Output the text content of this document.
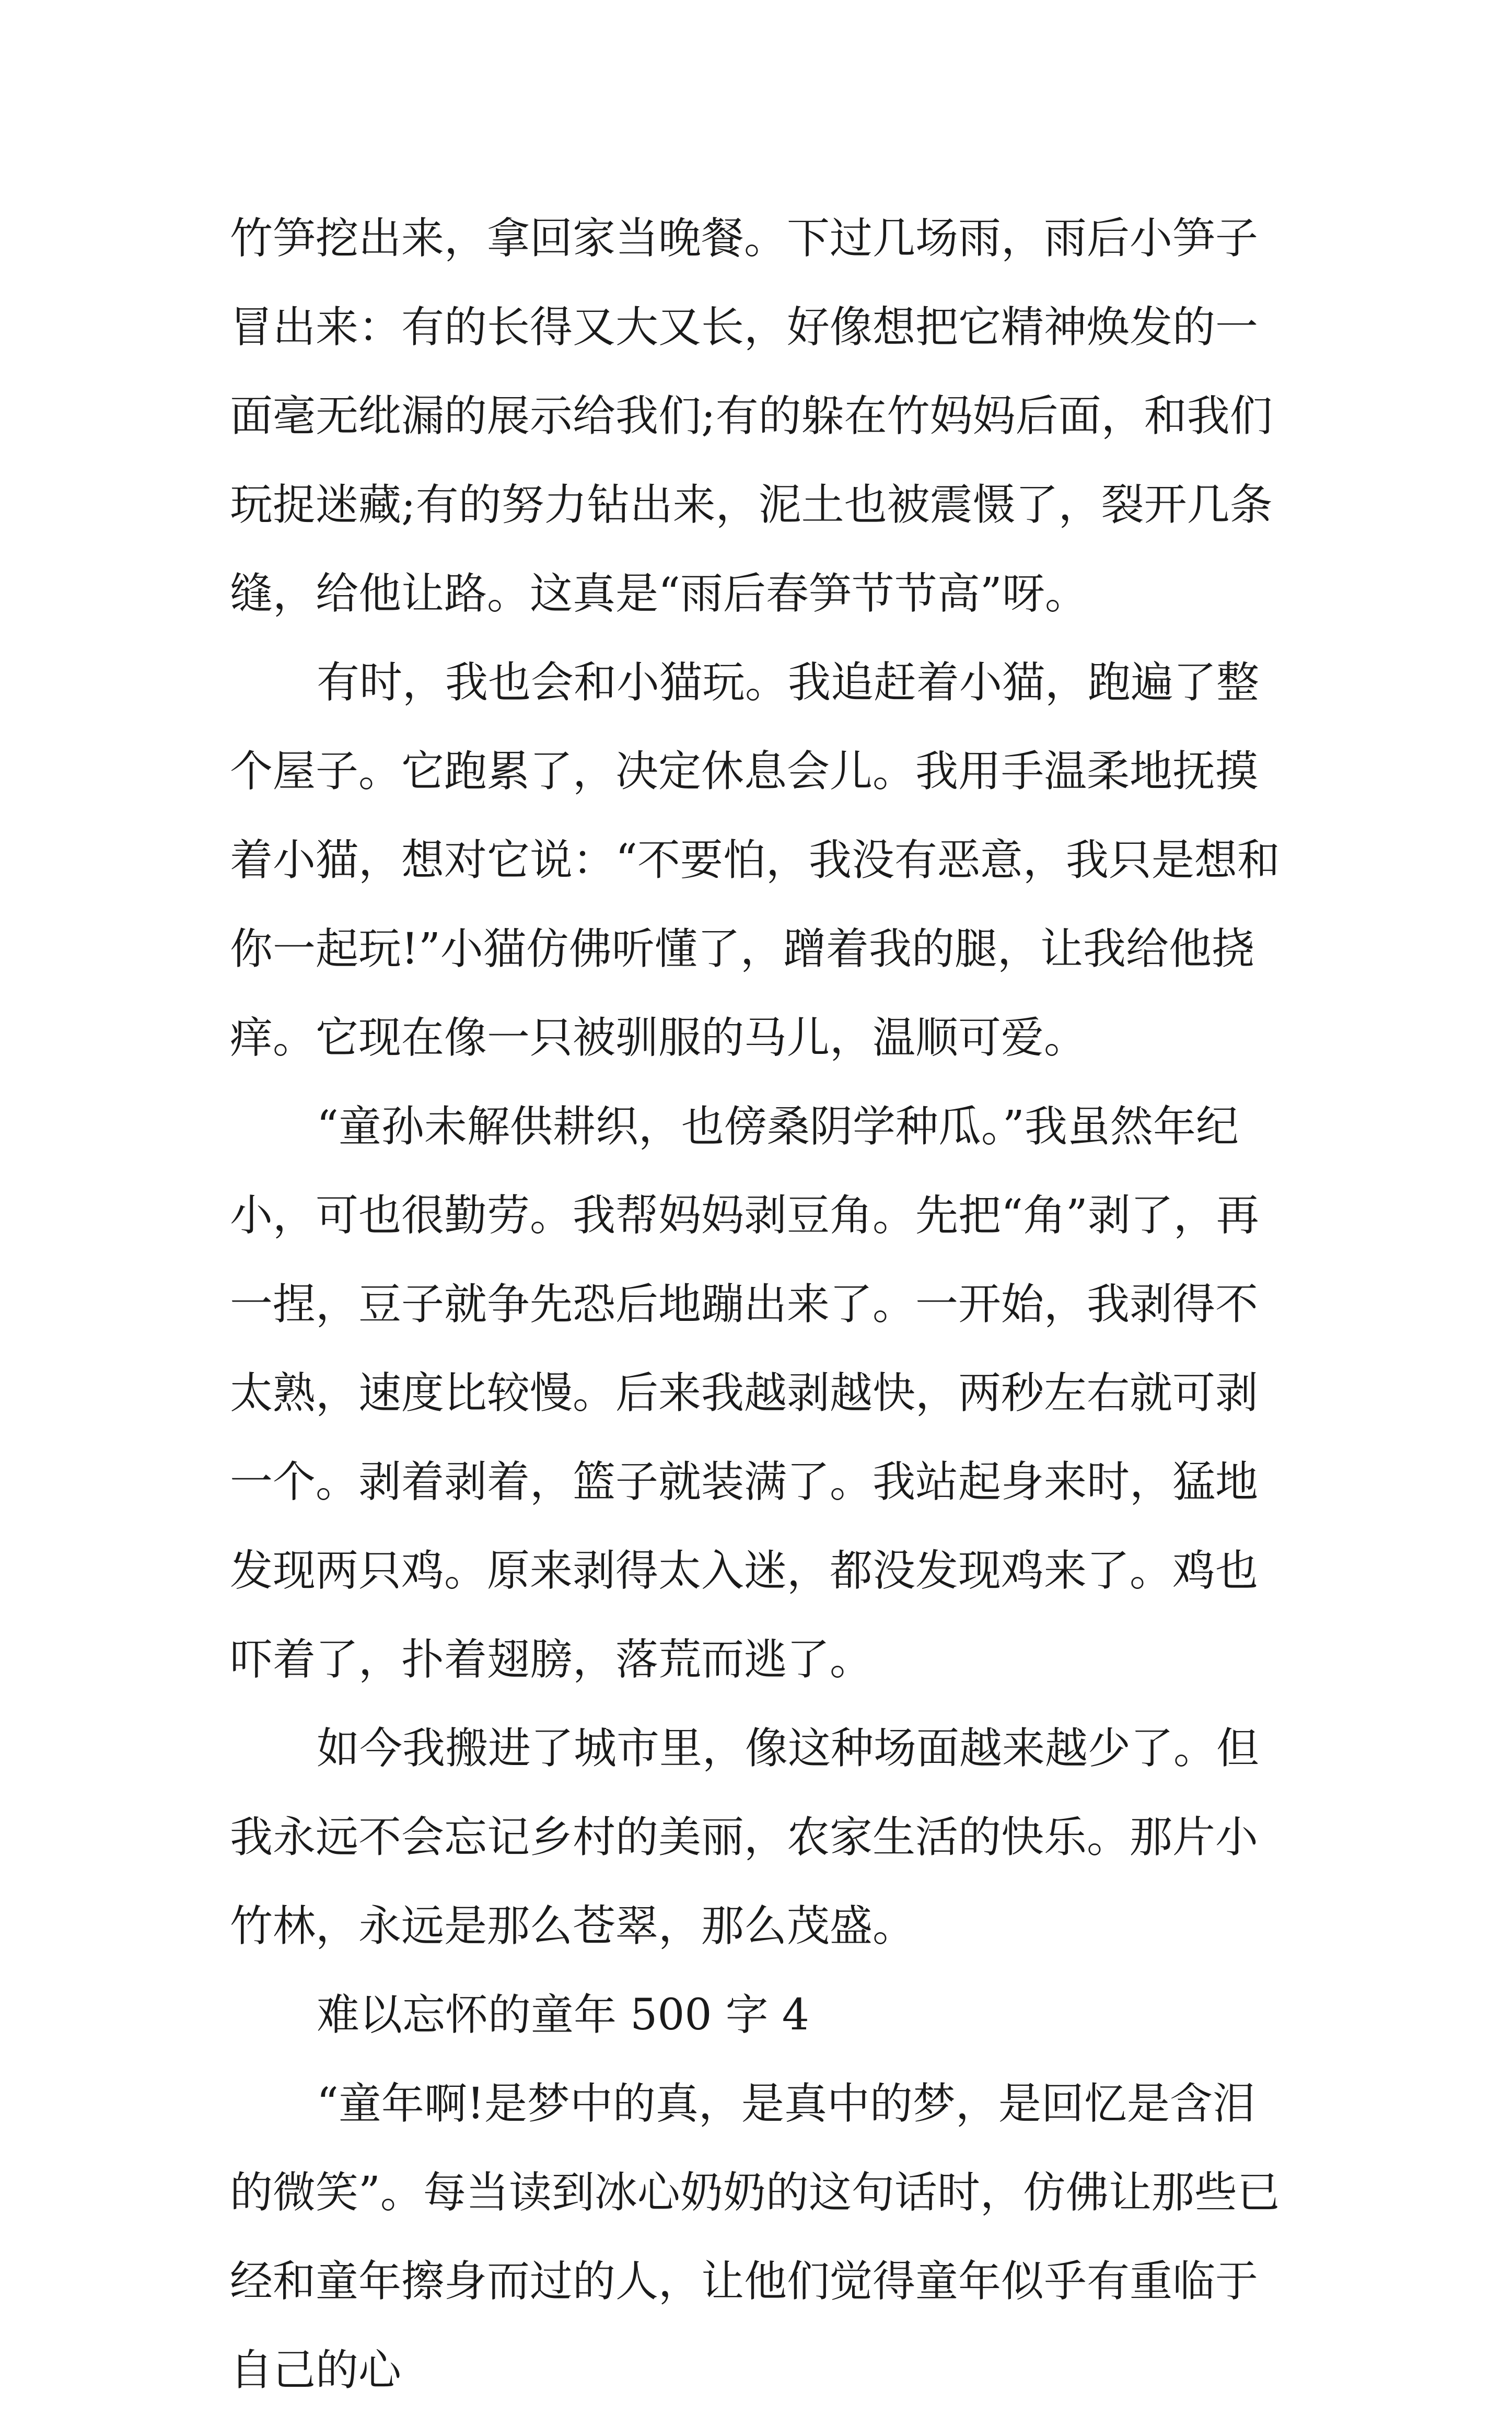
竹笋挖出来，拿回家当晚餐。下过几场雨，雨后小笋子冒出来：有的长得又大又长，好像想把它精神焕发的一面毫无纰漏的展示给我们;有的躲在竹妈妈后面，和我们玩捉迷藏;有的努力钻出来，泥土也被震慑了，裂开几条缝，给他让路。这真是“雨后春笋节节高”呀。

有时，我也会和小猫玩。我追赶着小猫，跑遍了整个屋子。它跑累了，决定休息会儿。我用手温柔地抚摸着小猫，想对它说：“不要怕，我没有恶意，我只是想和你一起玩!”小猫仿佛听懂了，蹭着我的腿，让我给他挠痒。它现在像一只被驯服的马儿，温顺可爱。

“童孙未解供耕织，也傍桑阴学种瓜。”我虽然年纪小，可也很勤劳。我帮妈妈剥豆角。先把“角”剥了，再一捏，豆子就争先恐后地蹦出来了。一开始，我剥得不太熟，速度比较慢。后来我越剥越快，两秒左右就可剥一个。剥着剥着，篮子就装满了。我站起身来时，猛地发现两只鸡。原来剥得太入迷，都没发现鸡来了。鸡也吓着了，扑着翅膀，落荒而逃了。

如今我搬进了城市里，像这种场面越来越少了。但我永远不会忘记乡村的美丽，农家生活的快乐。那片小竹林，永远是那么苍翠，那么茂盛。

难以忘怀的童年 500 字 4

“童年啊!是梦中的真，是真中的梦，是回忆是含泪的微笑”。每当读到冰心奶奶的这句话时，仿佛让那些已经和童年擦身而过的人，让他们觉得童年似乎有重临于自己的心
